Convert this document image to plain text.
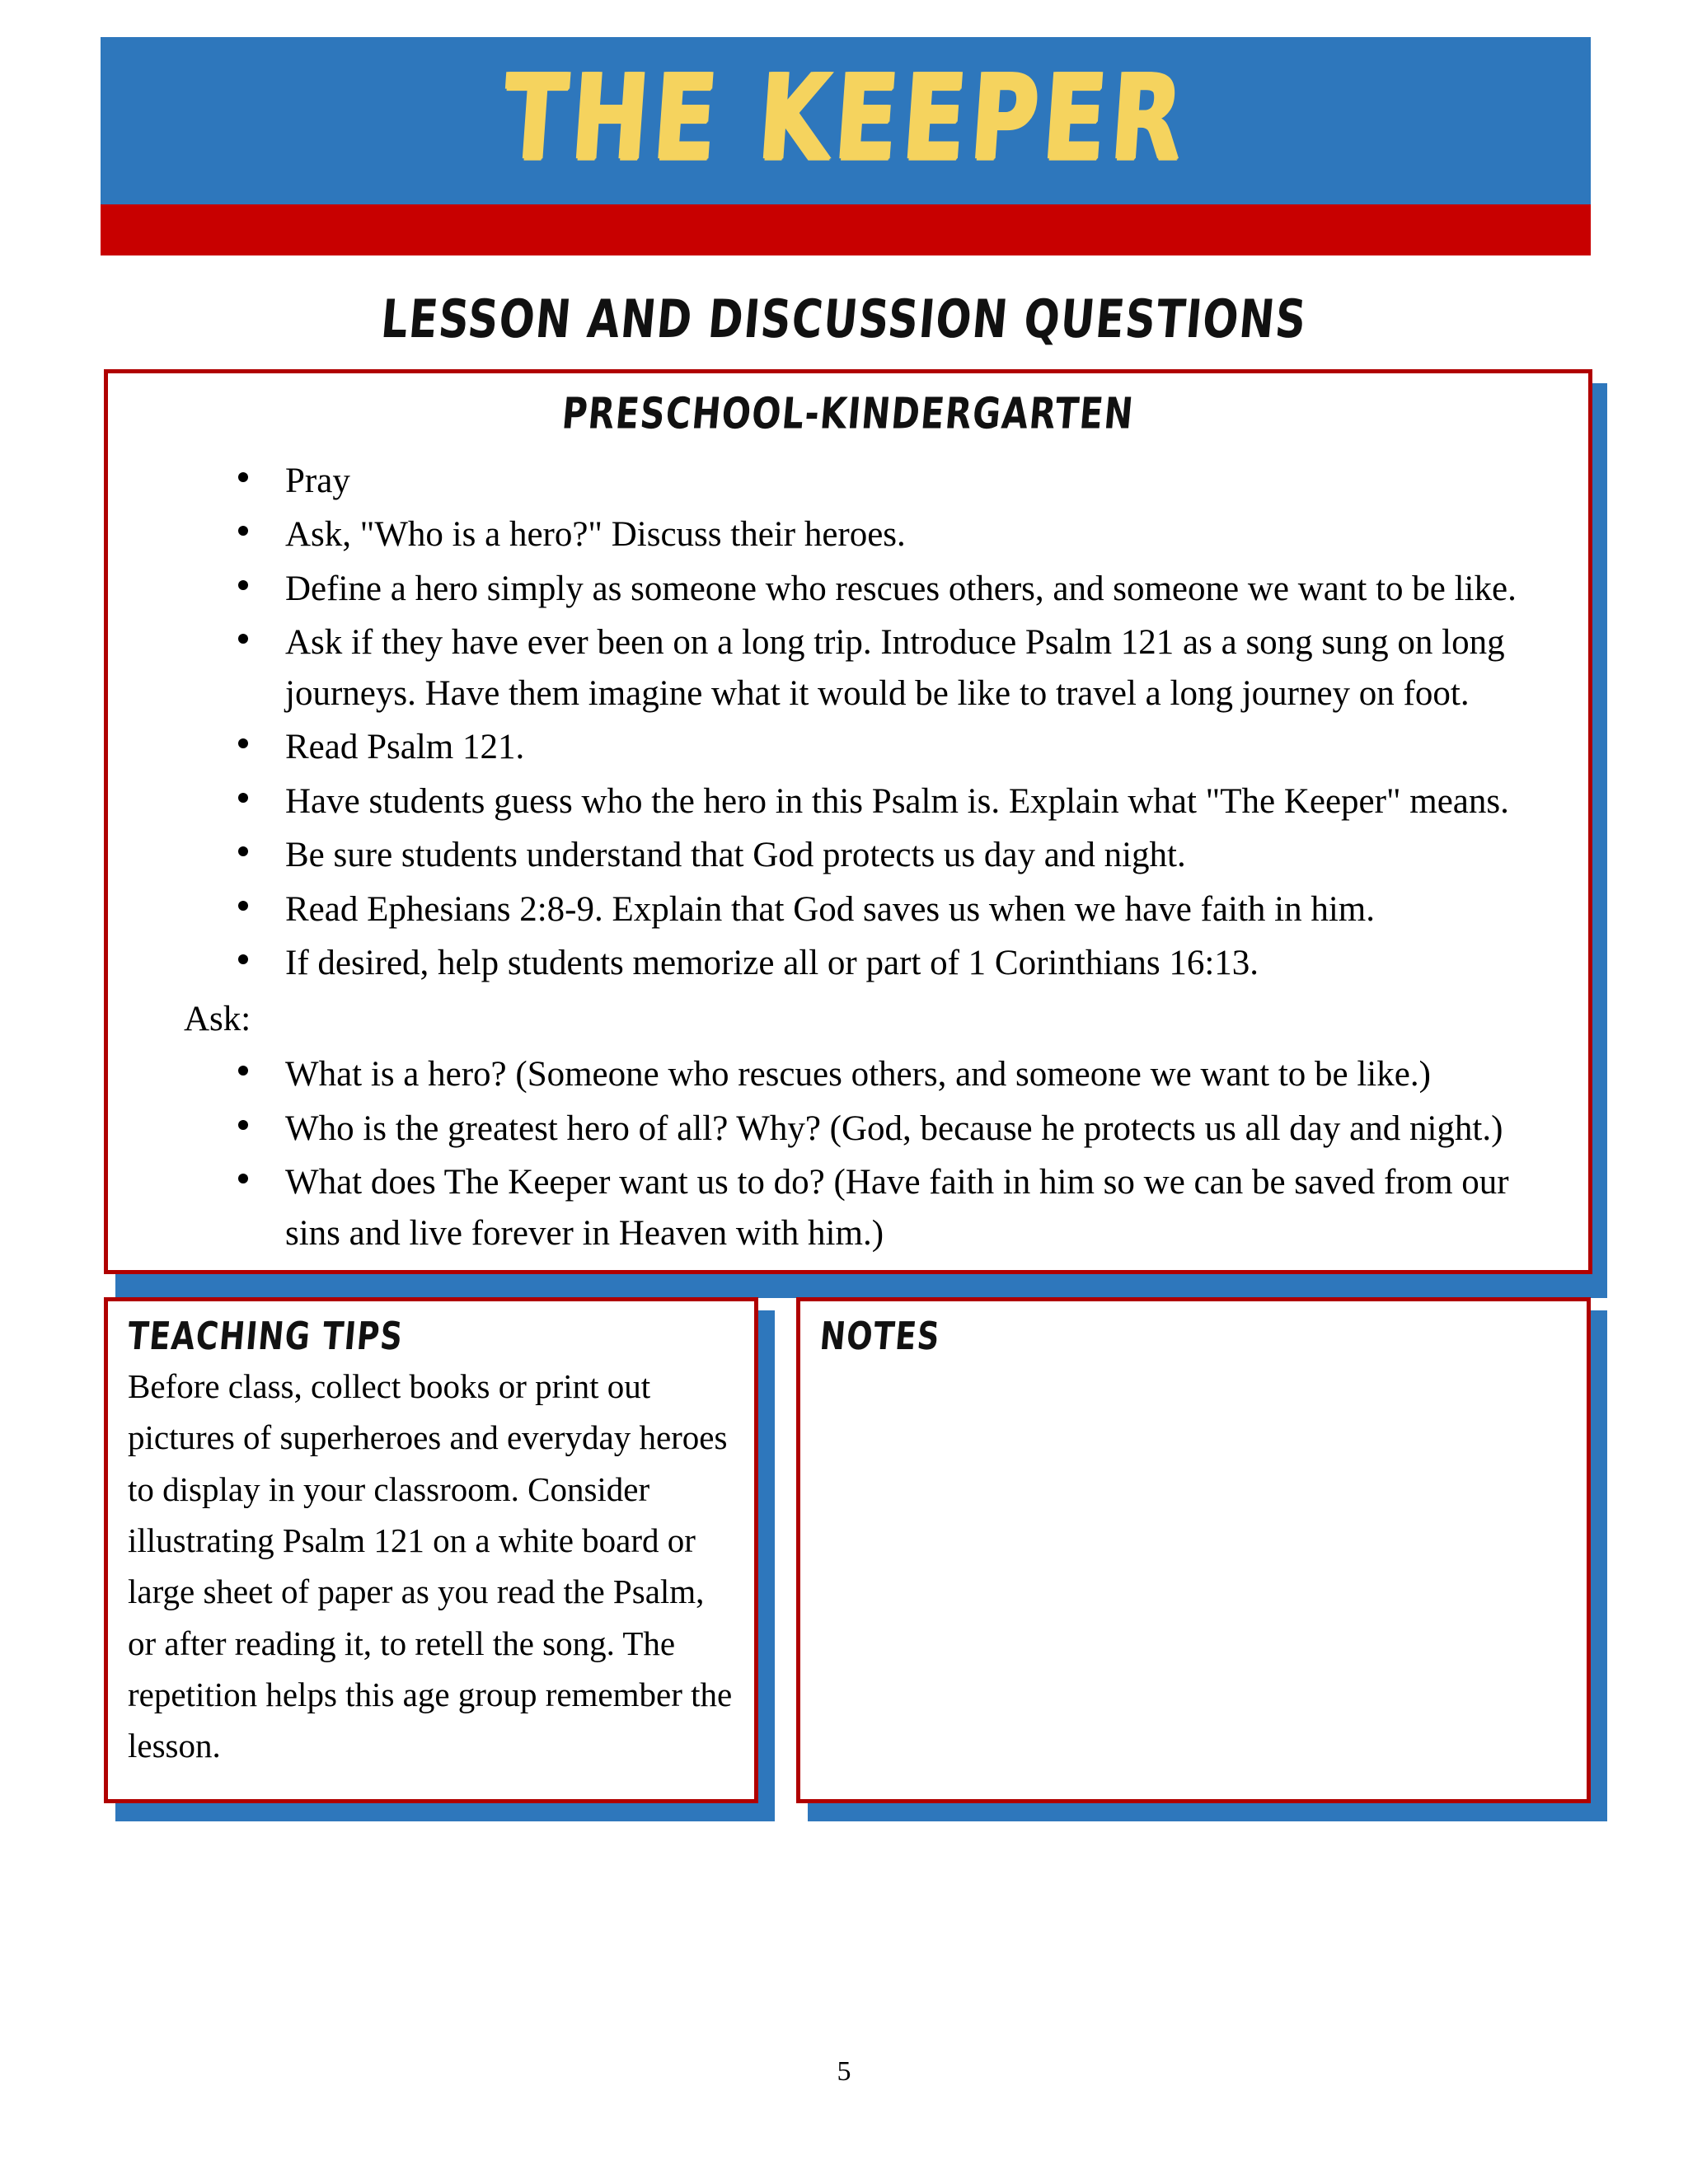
THE KEEPER
LESSON AND DISCUSSION QUESTIONS
PRESCHOOL-KINDERGARTEN
Pray
Ask, "Who is a hero?" Discuss their heroes.
Define a hero simply as someone who rescues others, and someone we want to be like.
Ask if they have ever been on a long trip. Introduce Psalm 121 as a song sung on long journeys. Have them imagine what it would be like to travel a long journey on foot.
Read Psalm 121.
Have students guess who the hero in this Psalm is. Explain what "The Keeper" means.
Be sure students understand that God protects us day and night.
Read Ephesians 2:8-9. Explain that God saves us when we have faith in him.
If desired, help students memorize all or part of 1 Corinthians 16:13.
Ask:
What is a hero? (Someone who rescues others, and someone we want to be like.)
Who is the greatest hero of all? Why? (God, because he protects us all day and night.)
What does The Keeper want us to do? (Have faith in him so we can be saved from our sins and live forever in Heaven with him.)
TEACHING TIPS
Before class, collect books or print out pictures of superheroes and everyday heroes to display in your classroom. Consider illustrating Psalm 121 on a white board or large sheet of paper as you read the Psalm, or after reading it, to retell the song. The repetition helps this age group remember the lesson.
NOTES
5
